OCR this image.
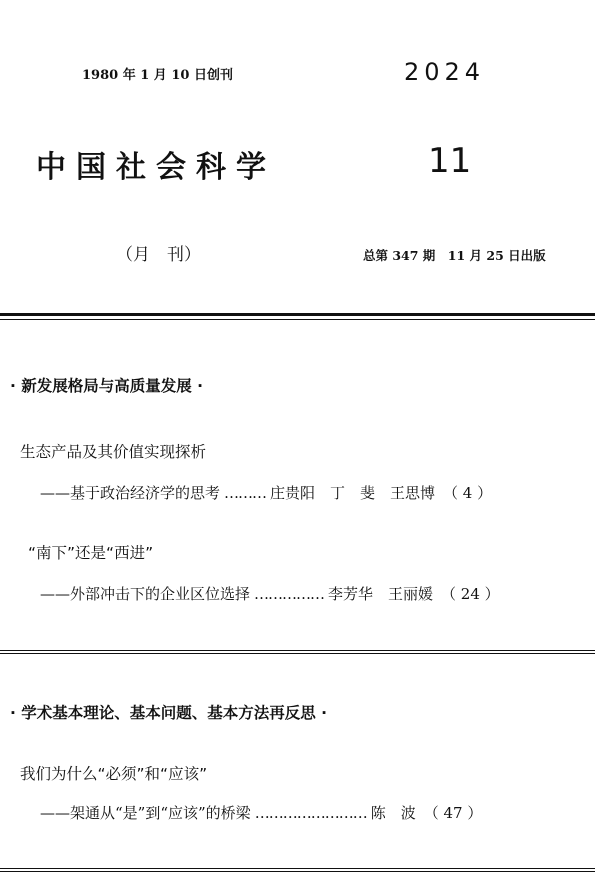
1980 年 1 月 10 日创刊	2024
中国社会科学	11
（月　刊）	总第 347 期　11 月 25 日出版
· 新发展格局与高质量发展 ·
生态产品及其价值实现探析
——基于政治经济学的思考 ……… 庄贵阳　丁　斐　王思博 （ 4 ）
“南下”还是“西进”
——外部冲击下的企业区位选择 …………… 李芳华　王丽媛 （ 24 ）
· 学术基本理论、基本问题、基本方法再反思 ·
我们为什么“必须”和“应该”
——架通从“是”到“应该”的桥梁 …………………… 陈　波 （ 47 ）
